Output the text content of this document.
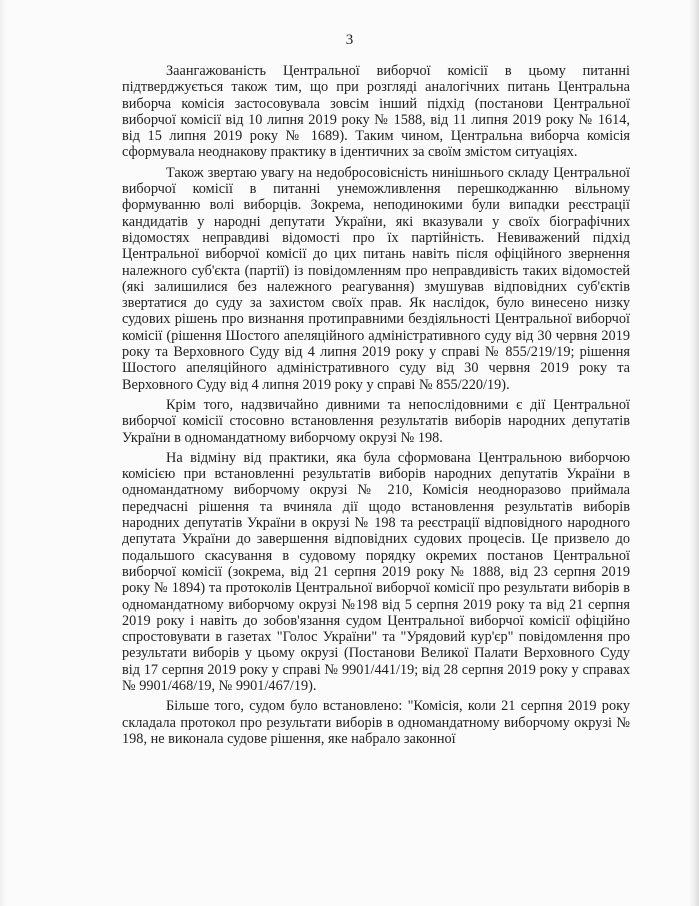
3

Заангажованість Центральної виборчої комісії в цьому питанні підтверджується також тим, що при розгляді аналогічних питань Центральна виборча комісія застосовувала зовсім інший підхід (постанови Центральної виборчої комісії від 10 липня 2019 року № 1588, від 11 липня 2019 року № 1614, від 15 липня 2019 року № 1689). Таким чином, Центральна виборча комісія сформувала неоднакову практику в ідентичних за своїм змістом ситуаціях.

Також звертаю увагу на недобросовісність нинішнього складу Центральної виборчої комісії в питанні унеможливлення перешкоджанню вільному формуванню волі виборців. Зокрема, неподинокими були випадки реєстрації кандидатів у народні депутати України, які вказували у своїх біографічних відомостях неправдиві відомості про їх партійність. Невиважений підхід Центральної виборчої комісії до цих питань навіть після офіційного звернення належного суб'єкта (партії) із повідомленням про неправдивість таких відомостей (які залишилися без належного реагування) змушував відповідних суб'єктів звертатися до суду за захистом своїх прав. Як наслідок, було винесено низку судових рішень про визнання протиправними бездіяльності Центральної виборчої комісії (рішення Шостого апеляційного адміністративного суду від 30 червня 2019 року та Верховного Суду від 4 липня 2019 року у справі № 855/219/19; рішення Шостого апеляційного адміністративного суду від 30 червня 2019 року та Верховного Суду від 4 липня 2019 року у справі № 855/220/19).

Крім того, надзвичайно дивними та непослідовними є дії Центральної виборчої комісії стосовно встановлення результатів виборів народних депутатів України в одномандатному виборчому окрузі № 198.

На відміну від практики, яка була сформована Центральною виборчою комісією при встановленні результатів виборів народних депутатів України в одномандатному виборчому окрузі № 210, Комісія неодноразово приймала передчасні рішення та вчиняла дії щодо встановлення результатів виборів народних депутатів України в окрузі № 198 та реєстрації відповідного народного депутата України до завершення відповідних судових процесів. Це призвело до подальшого скасування в судовому порядку окремих постанов Центральної виборчої комісії (зокрема, від 21 серпня 2019 року № 1888, від 23 серпня 2019 року № 1894) та протоколів Центральної виборчої комісії про результати виборів в одномандатному виборчому окрузі №198 від 5 серпня 2019 року та від 21 серпня 2019 року і навіть до зобов'язання судом Центральної виборчої комісії офіційно спростовувати в газетах "Голос України" та "Урядовий кур'єр" повідомлення про результати виборів у цьому окрузі (Постанови Великої Палати Верховного Суду від 17 серпня 2019 року у справі № 9901/441/19; від 28 серпня 2019 року у справах № 9901/468/19, № 9901/467/19).

Більше того, судом було встановлено: "Комісія, коли 21 серпня 2019 року складала протокол про результати виборів в одномандатному виборчому окрузі № 198, не виконала судове рішення, яке набрало законної
